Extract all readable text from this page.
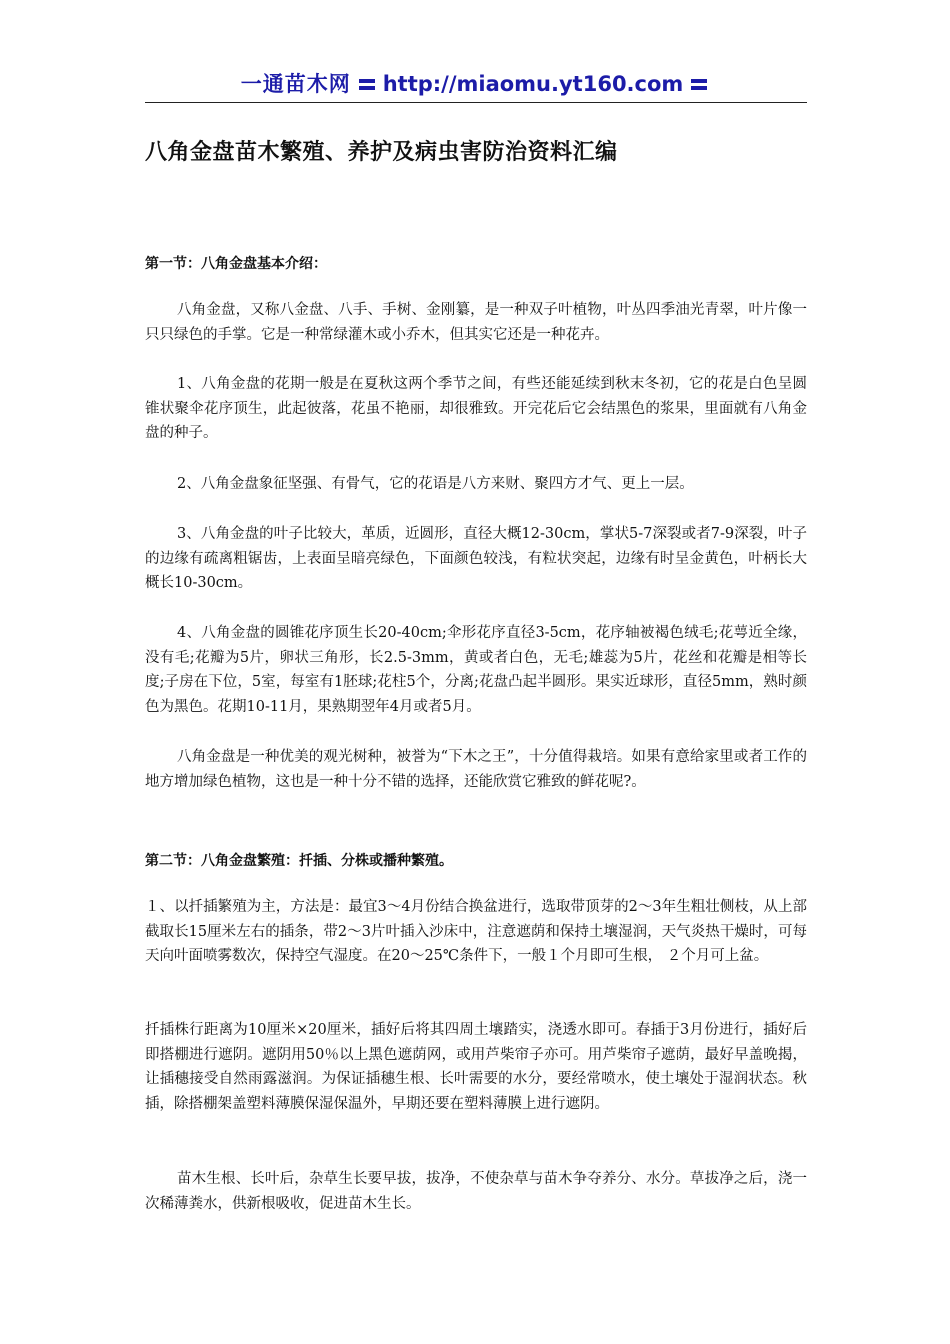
一通苗木网 http://miaomu.yt160.com
八角金盘苗木繁殖、养护及病虫害防治资料汇编
第一节：八角金盘基本介绍：

八角金盘，又称八金盘、八手、手树、金刚纂，是一种双子叶植物，叶丛四季油光青翠，叶片像一只只绿色的手掌。它是一种常绿灌木或小乔木，但其实它还是一种花卉。

1、八角金盘的花期一般是在夏秋这两个季节之间，有些还能延续到秋末冬初，它的花是白色呈圆锥状聚伞花序顶生，此起彼落，花虽不艳丽，却很雅致。开完花后它会结黑色的浆果，里面就有八角金盘的种子。

2、八角金盘象征坚强、有骨气，它的花语是八方来财、聚四方才气、更上一层。

3、八角金盘的叶子比较大，革质，近圆形，直径大概12-30cm，掌状5-7深裂或者7-9深裂，叶子的边缘有疏离粗锯齿，上表面呈暗亮绿色，下面颜色较浅，有粒状突起，边缘有时呈金黄色，叶柄长大概长10-30cm。

4、八角金盘的圆锥花序顶生长20-40cm;伞形花序直径3-5cm，花序轴被褐色绒毛;花萼近全缘，没有毛;花瓣为5片，卵状三角形，长2.5-3mm，黄或者白色，无毛;雄蕊为5片，花丝和花瓣是相等长度;子房在下位，5室，每室有1胚球;花柱5个，分离;花盘凸起半圆形。果实近球形，直径5mm，熟时颜色为黑色。花期10-11月，果熟期翌年4月或者5月。

八角金盘是一种优美的观光树种，被誉为“下木之王”，十分值得栽培。如果有意给家里或者工作的地方增加绿色植物，这也是一种十分不错的选择，还能欣赏它雅致的鲜花呢?。

第二节：八角金盘繁殖：扦插、分株或播种繁殖。

１、以扦插繁殖为主，方法是：最宜3～4月份结合换盆进行，选取带顶芽的2～3年生粗壮侧枝，从上部截取长15厘米左右的插条，带2～3片叶插入沙床中，注意遮荫和保持土壤湿润，天气炎热干燥时，可每天向叶面喷雾数次，保持空气湿度。在20～25℃条件下，一般１个月即可生根， ２个月可上盆。

扦插株行距离为10厘米×20厘米，插好后将其四周土壤踏实，浇透水即可。春插于3月份进行，插好后即搭棚进行遮阴。遮阴用50％以上黑色遮荫网，或用芦柴帘子亦可。用芦柴帘子遮荫，最好早盖晚揭，让插穗接受自然雨露滋润。为保证插穗生根、长叶需要的水分，要经常喷水，使土壤处于湿润状态。秋插，除搭棚架盖塑料薄膜保湿保温外，早期还要在塑料薄膜上进行遮阴。

苗木生根、长叶后，杂草生长要早拔，拔净，不使杂草与苗木争夺养分、水分。草拔净之后，浇一次稀薄粪水，供新根吸收，促进苗木生长。
